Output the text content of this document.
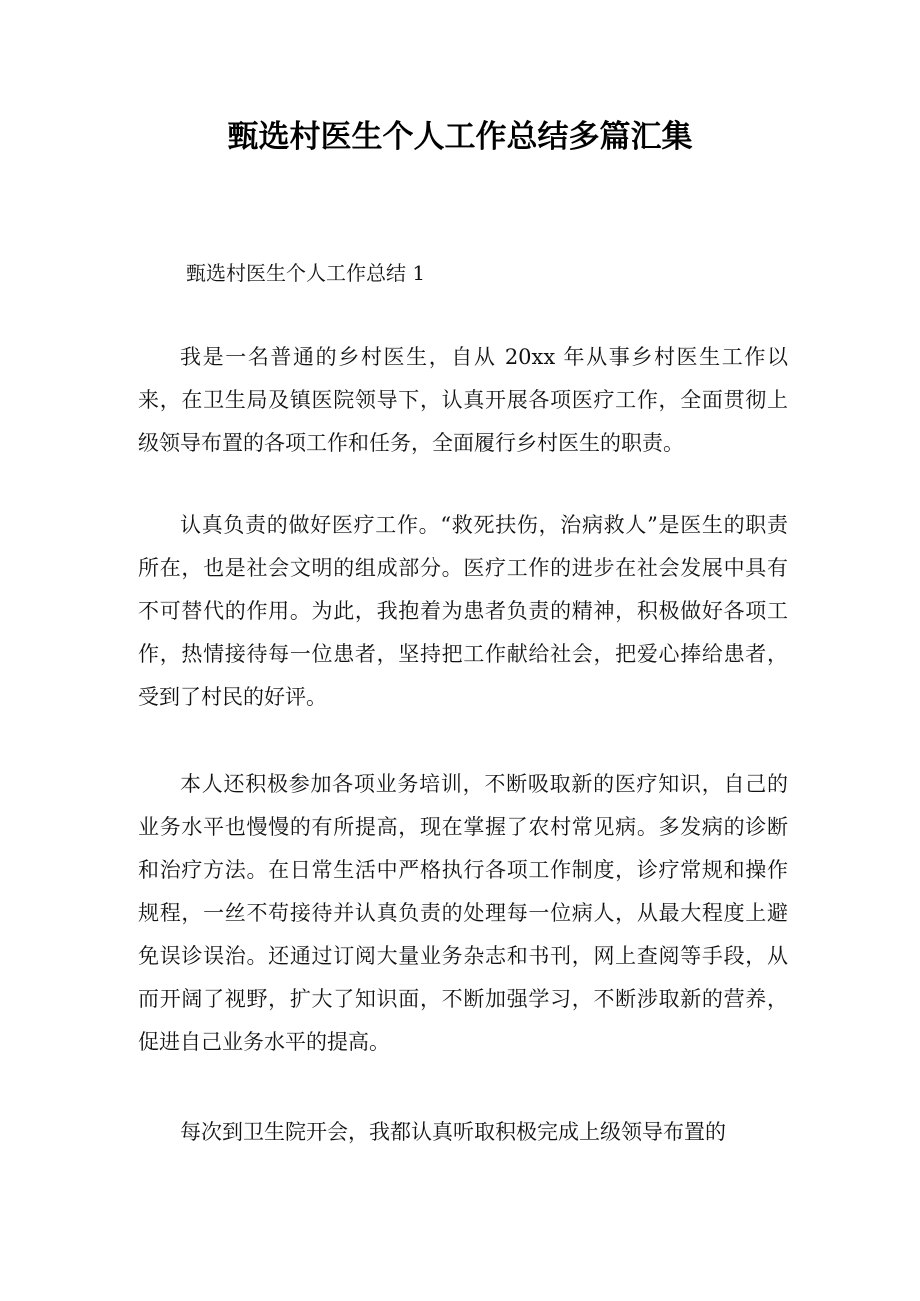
甄选村医生个人工作总结多篇汇集

甄选村医生个人工作总结 1

我是一名普通的乡村医生，自从 20xx 年从事乡村医生工作以来，在卫生局及镇医院领导下，认真开展各项医疗工作，全面贯彻上级领导布置的各项工作和任务，全面履行乡村医生的职责。

认真负责的做好医疗工作。“救死扶伤，治病救人”是医生的职责所在，也是社会文明的组成部分。医疗工作的进步在社会发展中具有不可替代的作用。为此，我抱着为患者负责的精神，积极做好各项工作，热情接待每一位患者，坚持把工作献给社会，把爱心捧给患者，受到了村民的好评。

本人还积极参加各项业务培训，不断吸取新的医疗知识，自己的业务水平也慢慢的有所提高，现在掌握了农村常见病。多发病的诊断和治疗方法。在日常生活中严格执行各项工作制度，诊疗常规和操作规程，一丝不苟接待并认真负责的处理每一位病人，从最大程度上避免误诊误治。还通过订阅大量业务杂志和书刊，网上查阅等手段，从而开阔了视野，扩大了知识面，不断加强学习，不断涉取新的营养，促进自己业务水平的提高。

每次到卫生院开会，我都认真听取积极完成上级领导布置的
